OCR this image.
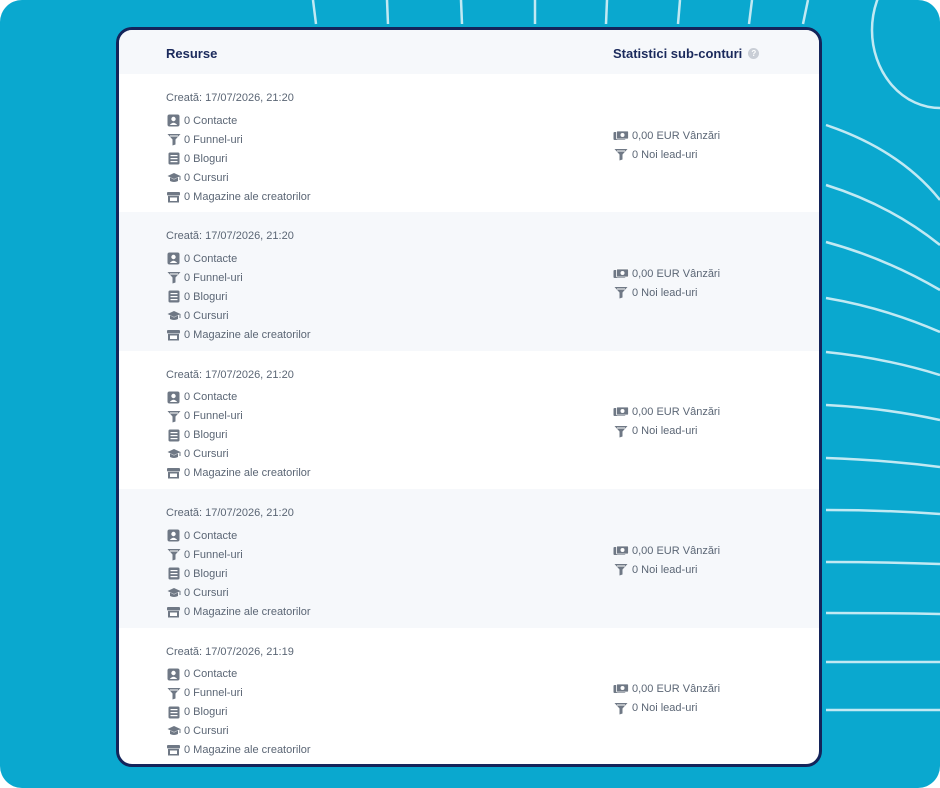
Resurse	Statistici sub-conturi	?
Creată: 17/07/2026, 21:20
0 Contacte
0 Funnel-uri
0 Bloguri
0 Cursuri
0 Magazine ale creatorilor
0,00 EUR Vânzări
0 Noi lead-uri
Creată: 17/07/2026, 21:20
0 Contacte
0 Funnel-uri
0 Bloguri
0 Cursuri
0 Magazine ale creatorilor
0,00 EUR Vânzări
0 Noi lead-uri
Creată: 17/07/2026, 21:20
0 Contacte
0 Funnel-uri
0 Bloguri
0 Cursuri
0 Magazine ale creatorilor
0,00 EUR Vânzări
0 Noi lead-uri
Creată: 17/07/2026, 21:20
0 Contacte
0 Funnel-uri
0 Bloguri
0 Cursuri
0 Magazine ale creatorilor
0,00 EUR Vânzări
0 Noi lead-uri
Creată: 17/07/2026, 21:19
0 Contacte
0 Funnel-uri
0 Bloguri
0 Cursuri
0 Magazine ale creatorilor
0,00 EUR Vânzări
0 Noi lead-uri
